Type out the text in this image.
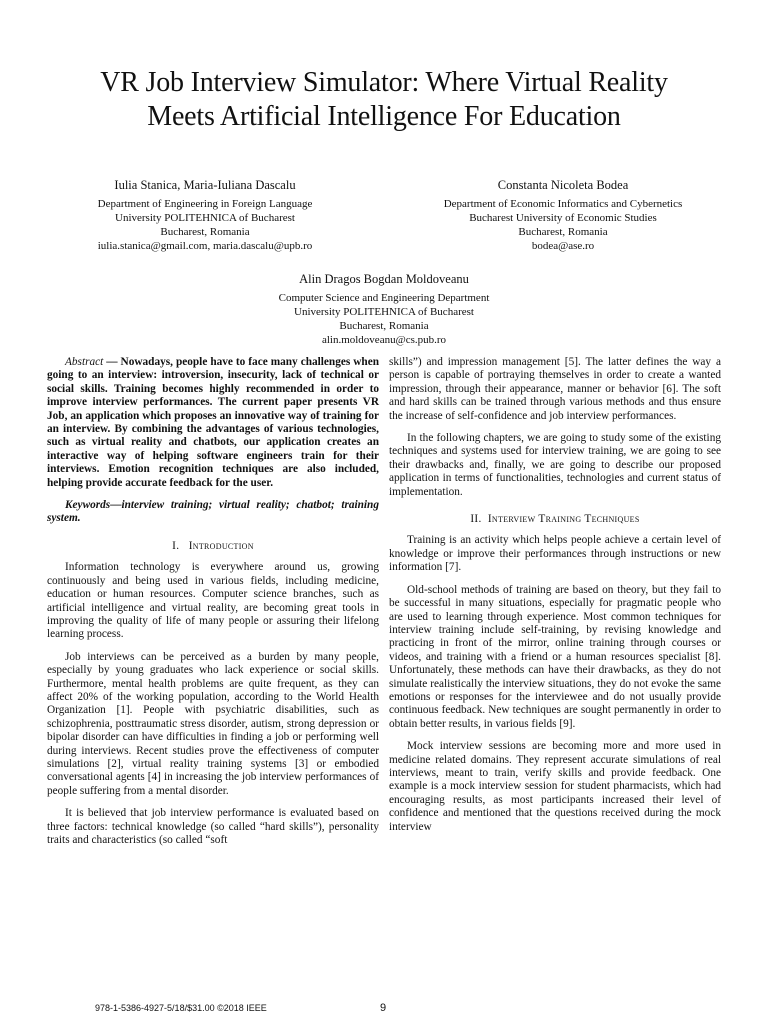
VR Job Interview Simulator: Where Virtual Reality
Meets Artificial Intelligence For Education
Iulia Stanica, Maria-Iuliana Dascalu
Department of Engineering in Foreign Language
University POLITEHNICA of Bucharest
Bucharest, Romania
iulia.stanica@gmail.com, maria.dascalu@upb.ro
Constanta Nicoleta Bodea
Department of Economic Informatics and Cybernetics
Bucharest University of Economic Studies
Bucharest, Romania
bodea@ase.ro
Alin Dragos Bogdan Moldoveanu
Computer Science and Engineering Department
University POLITEHNICA of Bucharest
Bucharest, Romania
alin.moldoveanu@cs.pub.ro

Abstract — Nowadays, people have to face many challenges when going to an interview: introversion, insecurity, lack of technical or social skills. Training becomes highly recommended in order to improve interview performances. The current paper presents VR Job, an application which proposes an innovative way of training for an interview. By combining the advantages of various technologies, such as virtual reality and chatbots, our application creates an interactive way of helping software engineers train for their interviews. Emotion recognition techniques are also included, helping provide accurate feedback for the user.

Keywords—interview training; virtual reality; chatbot; training system.

I. Introduction

Information technology is everywhere around us, growing continuously and being used in various fields, including medicine, education or human resources. Computer science branches, such as artificial intelligence and virtual reality, are becoming great tools in improving the quality of life of many people or assuring their lifelong learning process.

Job interviews can be perceived as a burden by many people, especially by young graduates who lack experience or social skills. Furthermore, mental health problems are quite frequent, as they can affect 20% of the working population, according to the World Health Organization [1]. People with psychiatric disabilities, such as schizophrenia, posttraumatic stress disorder, autism, strong depression or bipolar disorder can have difficulties in finding a job or performing well during interviews. Recent studies prove the effectiveness of computer simulations [2], virtual reality training systems [3] or embodied conversational agents [4] in increasing the job interview performances of people suffering from a mental disorder.

It is believed that job interview performance is evaluated based on three factors: technical knowledge (so called “hard skills”), personality traits and characteristics (so called “soft

skills”) and impression management [5]. The latter defines the way a person is capable of portraying themselves in order to create a wanted impression, through their appearance, manner or behavior [6]. The soft and hard skills can be trained through various methods and thus ensure the increase of self-confidence and job interview performances.

In the following chapters, we are going to study some of the existing techniques and systems used for interview training, we are going to see their drawbacks and, finally, we are going to describe our proposed application in terms of functionalities, technologies and current status of implementation.

II. Interview Training Techniques

Training is an activity which helps people achieve a certain level of knowledge or improve their performances through instructions or new information [7].

Old-school methods of training are based on theory, but they fail to be successful in many situations, especially for pragmatic people who are used to learning through experience. Most common techniques for interview training include self-training, by revising knowledge and practicing in front of the mirror, online training through courses or videos, and training with a friend or a human resources specialist [8]. Unfortunately, these methods can have their drawbacks, as they do not simulate realistically the interview situations, they do not evoke the same emotions or responses for the interviewee and do not usually provide continuous feedback. New techniques are sought permanently in order to obtain better results, in various fields [9].

Mock interview sessions are becoming more and more used in medicine related domains. They represent accurate simulations of real interviews, meant to train, verify skills and provide feedback. One example is a mock interview session for student pharmacists, which had encouraging results, as most participants increased their level of confidence and mentioned that the questions received during the mock interview

978-1-5386-4927-5/18/$31.00 ©2018 IEEE	9
